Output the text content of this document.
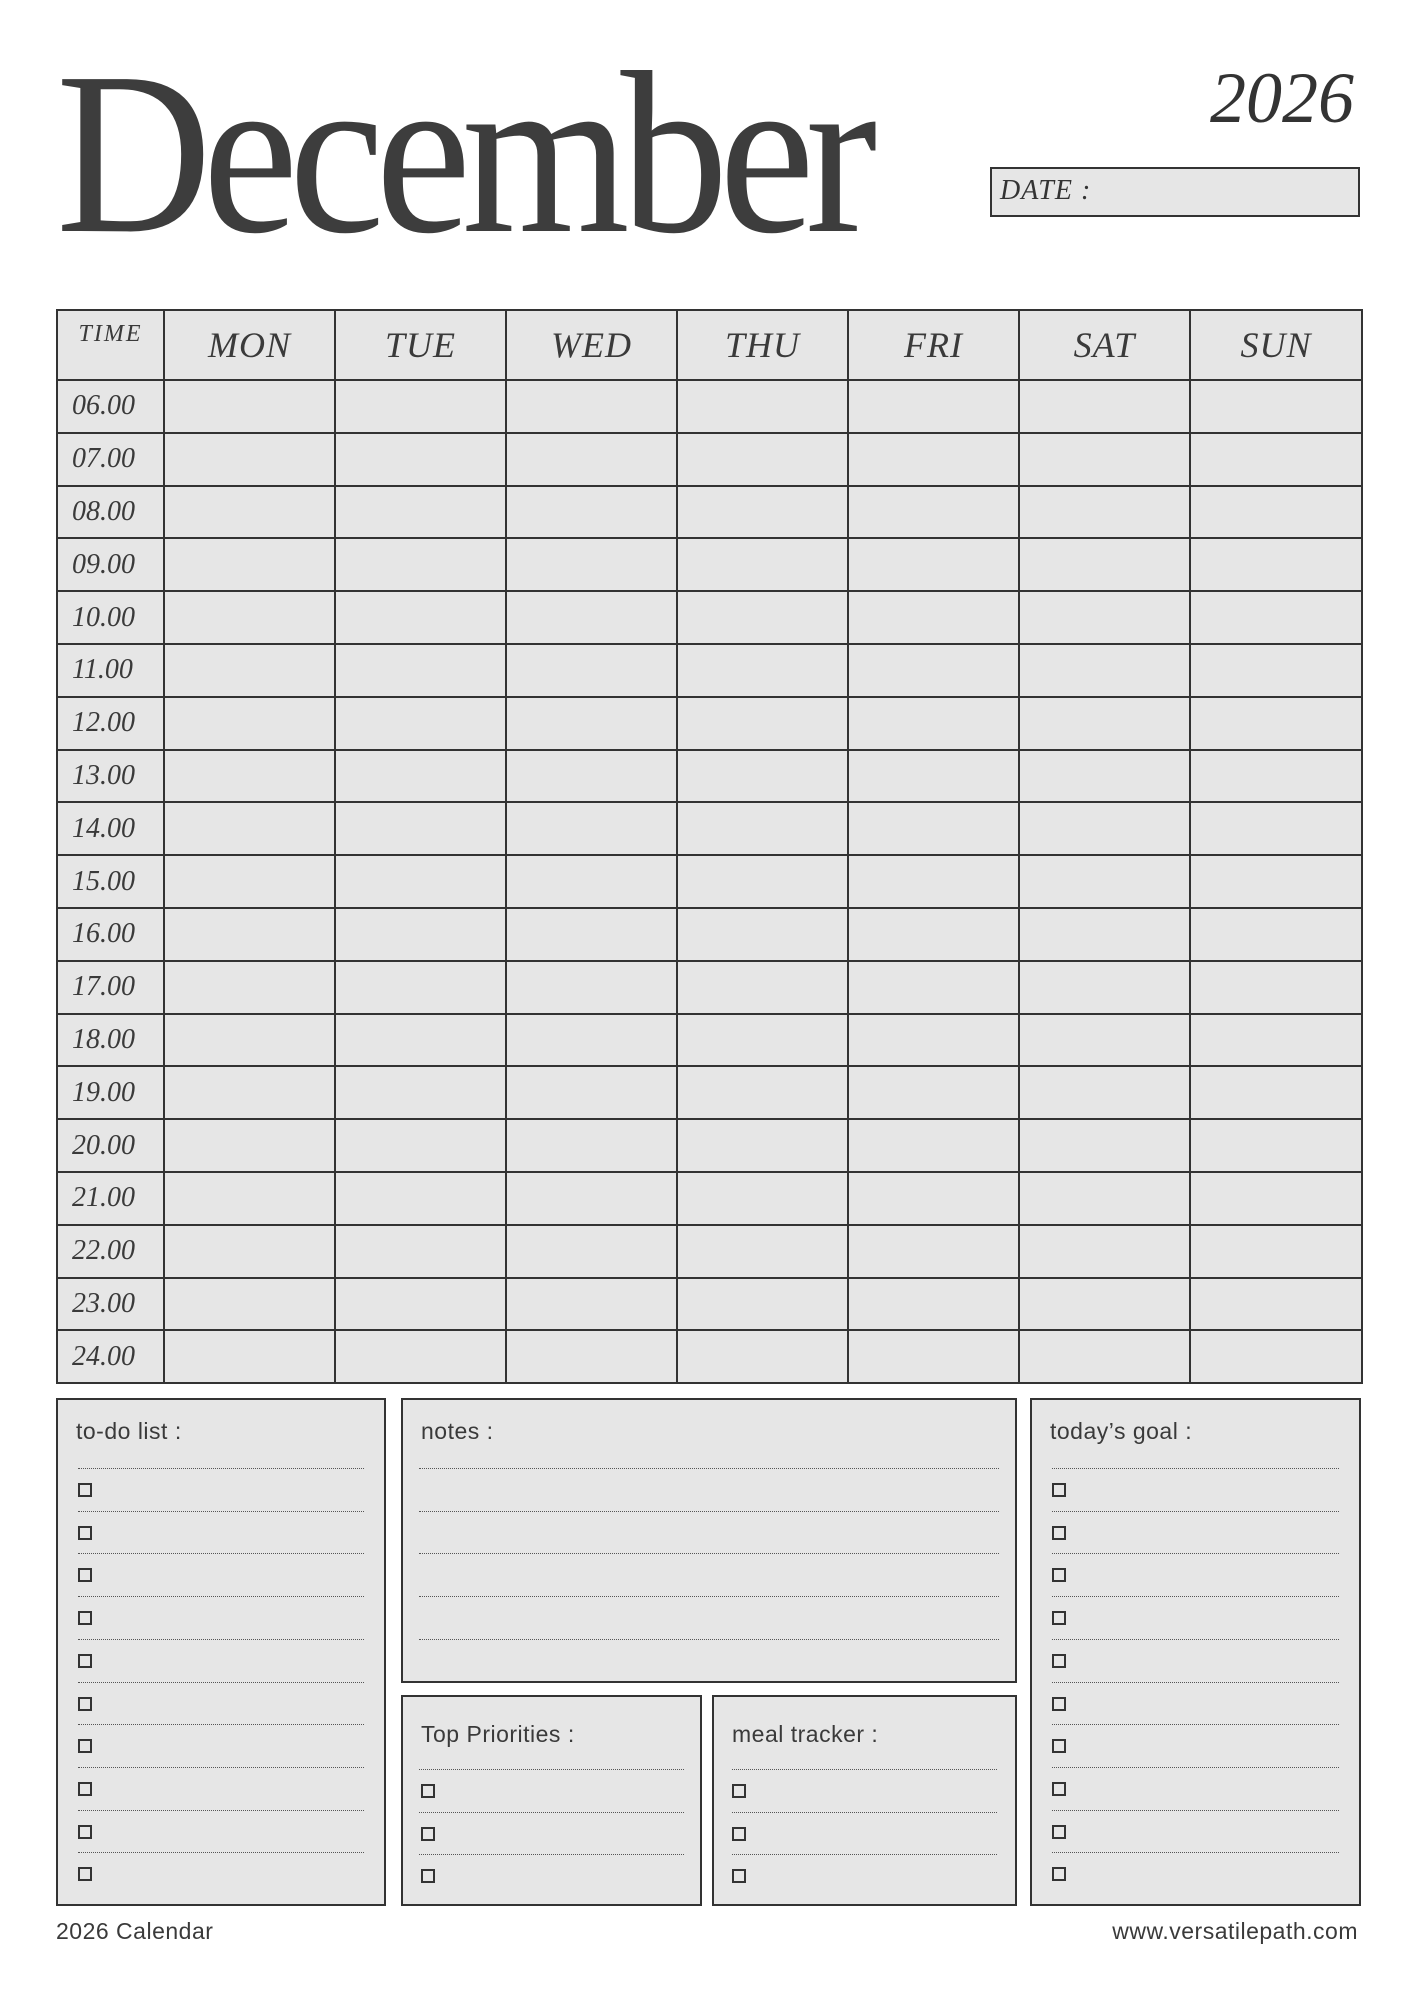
December	2026
DATE :
TIME	MON	TUE	WED	THU	FRI	SAT	SUN
06.00							
07.00							
08.00							
09.00							
10.00							
11.00							
12.00							
13.00							
14.00							
15.00							
16.00							
17.00							
18.00							
19.00							
20.00							
21.00							
22.00							
23.00							
24.00							
to-do list :	notes :	today’s goal :
Top Priorities :	meal tracker :
2026 Calendar	www.versatilepath.com
